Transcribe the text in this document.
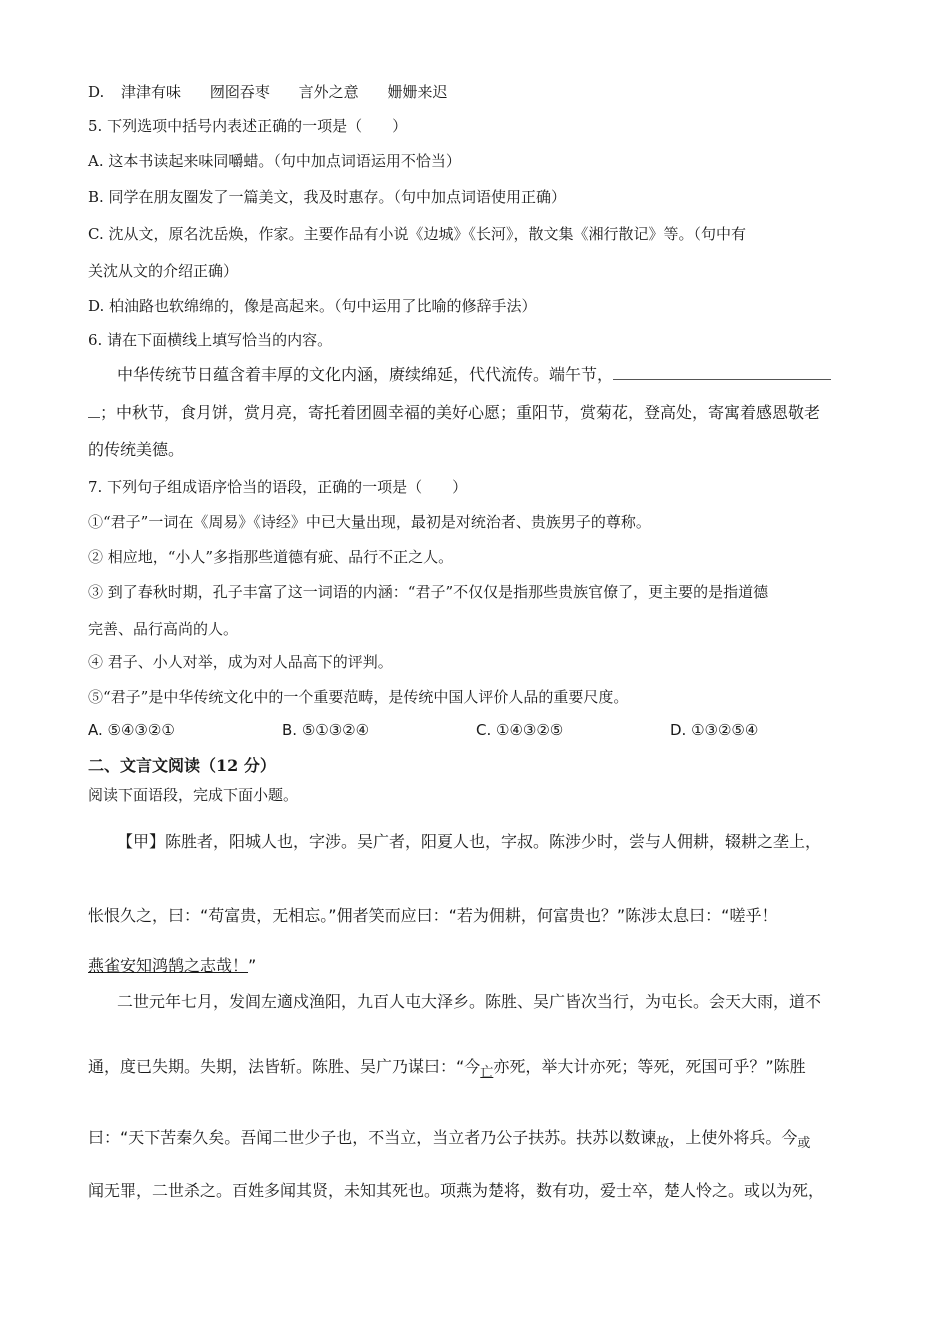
D. 津津有味 囫囵吞枣 言外之意 姗姗来迟
5. 下列选项中括号内表述正确的一项是（　　）
A. 这本书读起来味同嚼蜡。（句中加点词语运用不恰当）
B. 同学在朋友圈发了一篇美文，我及时惠存。（句中加点词语使用正确）
C. 沈从文，原名沈岳焕，作家。主要作品有小说《边城》《长河》，散文集《湘行散记》等。（句中有
关沈从文的介绍正确）
D. 柏油路也软绵绵的，像是高起来。（句中运用了比喻的修辞手法）
6. 请在下面横线上填写恰当的内容。
中华传统节日蕴含着丰厚的文化内涵，赓续绵延，代代流传。端午节，
；中秋节，食月饼，赏月亮，寄托着团圆幸福的美好心愿；重阳节，赏菊花，登高处，寄寓着感恩敬老
的传统美德。
7. 下列句子组成语序恰当的语段，正确的一项是（　　）
①“君子”一词在《周易》《诗经》中已大量出现，最初是对统治者、贵族男子的尊称。
② 相应地，“小人”多指那些道德有疵、品行不正之人。
③ 到了春秋时期，孔子丰富了这一词语的内涵：“君子”不仅仅是指那些贵族官僚了，更主要的是指道德
完善、品行高尚的人。
④ 君子、小人对举，成为对人品高下的评判。
⑤“君子”是中华传统文化中的一个重要范畴，是传统中国人评价人品的重要尺度。
A. ⑤④③②①	B. ⑤①③②④	C. ①④③②⑤	D. ①③②⑤④
二、文言文阅读（12 分）
阅读下面语段，完成下面小题。
【甲】陈胜者，阳城人也，字涉。吴广者，阳夏人也，字叔。陈涉少时，尝与人佣耕，辍耕之垄上，
怅恨久之，曰：“苟富贵，无相忘。”佣者笑而应曰：“若为佣耕，何富贵也？”陈涉太息曰：“嗟乎！
燕雀安知鸿鹄之志哉！”
二世元年七月，发闾左適戍渔阳，九百人屯大泽乡。陈胜、吴广皆次当行，为屯长。会天大雨，道不
通，度已失期。失期，法皆斩。陈胜、吴广乃谋曰：“今$_亡$亦死，举大计亦死；等死，死国可乎？”陈胜
曰：“天下苦秦久矣。吾闻二世少子也，不当立，当立者乃公子扶苏。扶苏以数谏$_故$，上使外将兵。今$_或$
闻无罪，二世杀之。百姓多闻其贤，未知其死也。项燕为楚将，数有功，爱士卒，楚人怜之。或以为死，
